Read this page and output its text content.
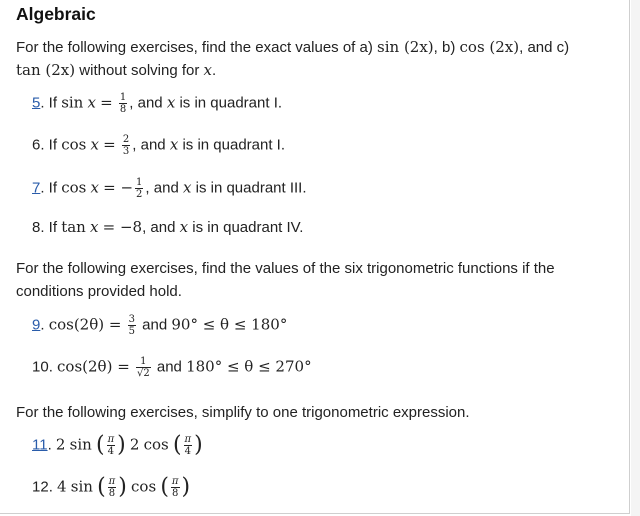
Algebraic
For the following exercises, find the exact values of a) sin (2x), b) cos (2x), and c)
tan (2x) without solving for x.
5. If $\sin x = \frac{1}{8}$ , and x is in quadrant I.
6. If $\cos x = \frac{2}{3}$ , and x is in quadrant I.
7. If cos x = − $\frac{1}{2}$ , and x is in quadrant III.
8. If tan x = −8, and x is in quadrant IV.
For the following exercises, find the values of the six trigonometric functions if the
conditions provided hold.
9. $\cos(2\theta) = \frac{3}{5}$ and 90° ≤ θ ≤ 180°
10. $\cos(2\theta) = \frac{1}{√2}$ and 180° ≤ θ ≤ 270°
For the following exercises, simplify to one trigonometric expression.
11. 2 sin ( $\frac{\pi}{4}$ ) 2 cos ( $\frac{\pi}{4}$ )
12. 4 sin ( $\frac{\pi}{8}$ ) cos ( $\frac{\pi}{8}$ )
